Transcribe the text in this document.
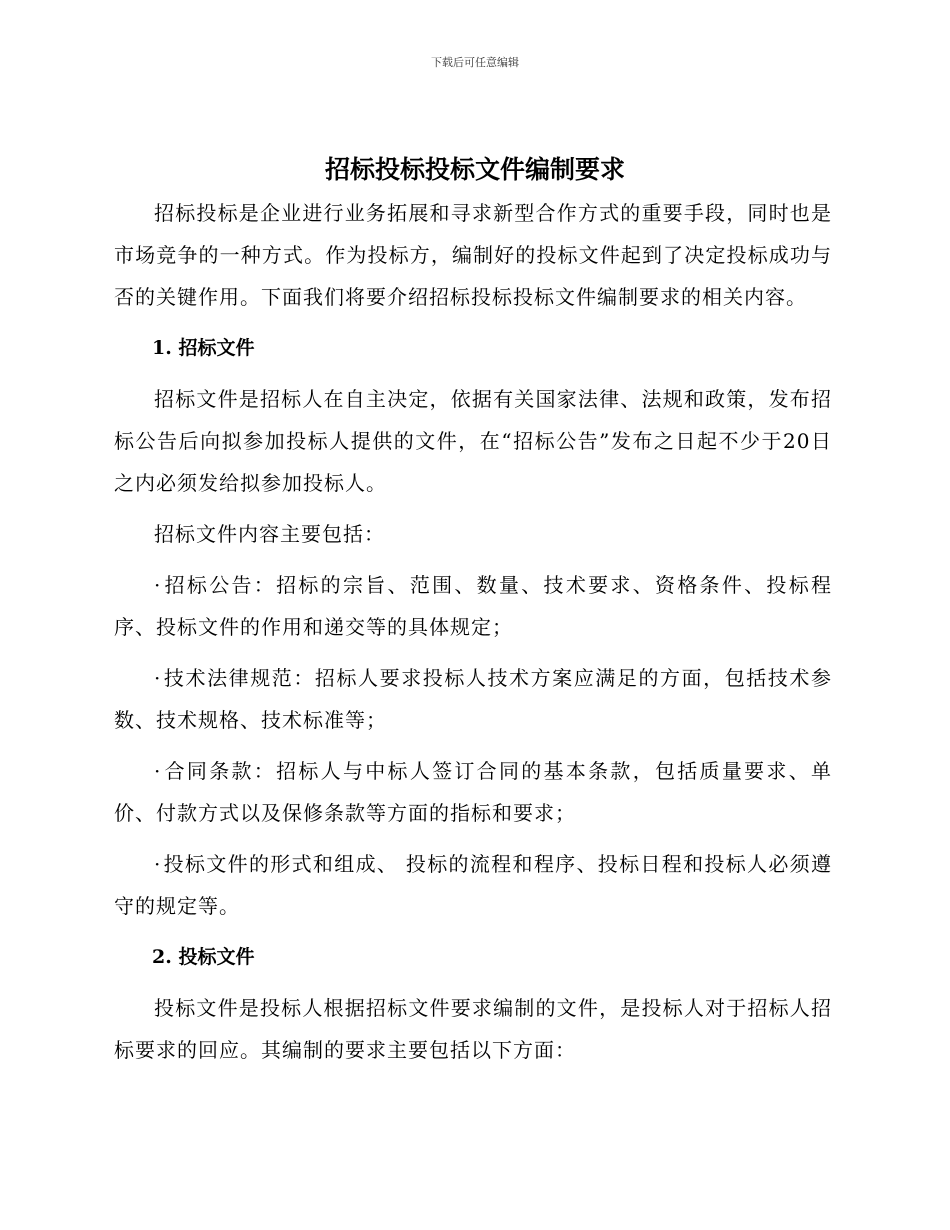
下载后可任意编辑
招标投标投标文件编制要求

招标投标是企业进行业务拓展和寻求新型合作方式的重要手段，同时也是市场竞争的一种方式。作为投标方，编制好的投标文件起到了决定投标成功与否的关键作用。下面我们将要介绍招标投标投标文件编制要求的相关内容。

1. 招标文件

招标文件是招标人在自主决定，依据有关国家法律、法规和政策，发布招标公告后向拟参加投标人提供的文件，在“招标公告”发布之日起不少于20日之内必须发给拟参加投标人。

招标文件内容主要包括：

· 招标公告：招标的宗旨、范围、数量、技术要求、资格条件、投标程序、投标文件的作用和递交等的具体规定；

· 技术法律规范：招标人要求投标人技术方案应满足的方面，包括技术参数、技术规格、技术标准等；

· 合同条款：招标人与中标人签订合同的基本条款，包括质量要求、单价、付款方式以及保修条款等方面的指标和要求；

· 投标文件的形式和组成、 投标的流程和程序、投标日程和投标人必须遵守的规定等。

2. 投标文件

投标文件是投标人根据招标文件要求编制的文件，是投标人对于招标人招标要求的回应。其编制的要求主要包括以下方面：
